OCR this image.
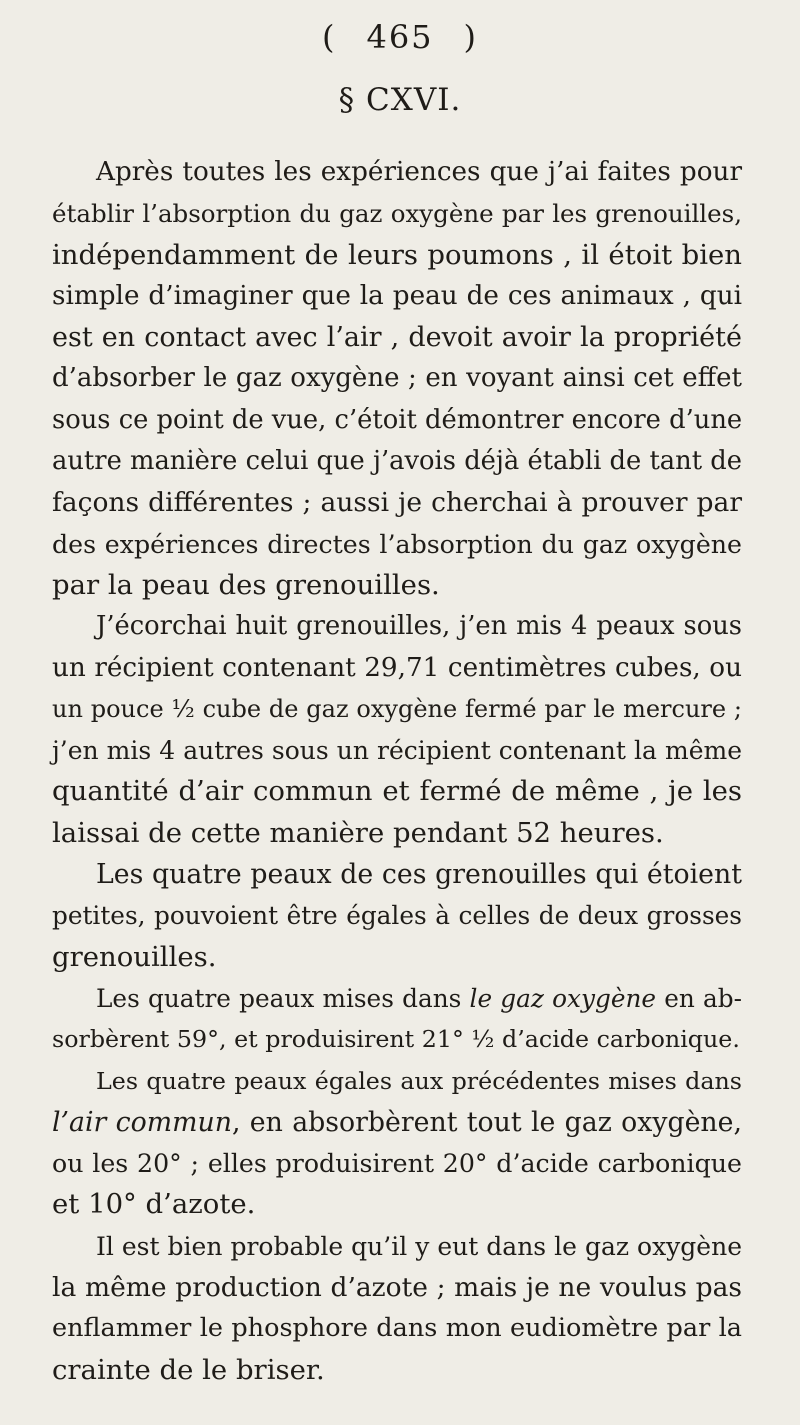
( 465 )
§ CXVI.
Après toutes les expériences que j’ai faites pour
établir l’absorption du gaz oxygène par les grenouilles,
indépendamment de leurs poumons , il étoit bien
simple d’imaginer que la peau de ces animaux , qui
est en contact avec l’air , devoit avoir la propriété
d’absorber le gaz oxygène ; en voyant ainsi cet effet
sous ce point de vue, c’étoit démontrer encore d’une
autre manière celui que j’avois déjà établi de tant de
façons différentes ; aussi je cherchai à prouver par
des expériences directes l’absorption du gaz oxygène
par la peau des grenouilles.
J’écorchai huit grenouilles, j’en mis 4 peaux sous
un récipient contenant 29,71 centimètres cubes, ou
un pouce ½ cube de gaz oxygène fermé par le mercure ;
j’en mis 4 autres sous un récipient contenant la même
quantité d’air commun et fermé de même , je les
laissai de cette manière pendant 52 heures.
Les quatre peaux de ces grenouilles qui étoient
petites, pouvoient être égales à celles de deux grosses
grenouilles.
Les quatre peaux mises dans le gaz oxygène en ab-
sorbèrent 59°, et produisirent 21° ½ d’acide carbonique.
Les quatre peaux égales aux précédentes mises dans
l’air commun, en absorbèrent tout le gaz oxygène,
ou les 20° ; elles produisirent 20° d’acide carbonique
et 10° d’azote.
Il est bien probable qu’il y eut dans le gaz oxygène
la même production d’azote ; mais je ne voulus pas
enflammer le phosphore dans mon eudiomètre par la
crainte de le briser.
